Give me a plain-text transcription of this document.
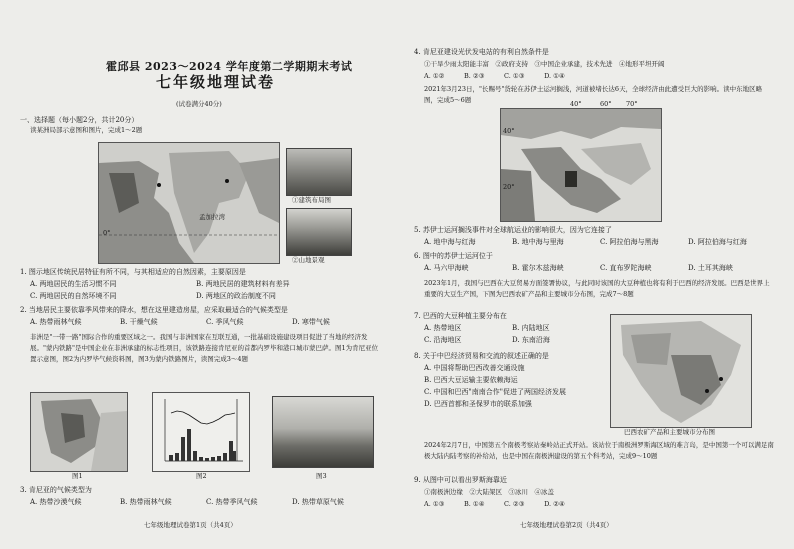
霍邱县 2023～2024 学年度第二学期期末考试
七年级地理试卷
(试卷满分40分)
一、选择题（每小题2分，共计20分）
读某洲局部示意图和图片，完成1～2题
0°
孟加拉湾
①建筑布局图
②山地景观
1. 图示地区传统民居特征有所不同，与其相适应的自然因素，主要原因是
A. 两地居民的生活习惯不同	B. 两地民居的建筑材料有差异
C. 两地居民的自然环境不同	D. 两地区的政治制度不同
2. 当地居民主要依靠季风带来的降水，想在这里建造房屋，应采取最适合的气候类型是
A. 热带雨林气候	B. 干燥气候	C. 季风气候	D. 寒带气候
非洲是"一带一路"国际合作的重要区域之一。我国与非洲国家在互联互通，一批基础设施建设项目促进了当地的经济发展。"蒙内铁路"是中国企业在非洲承建的标志性项目，该铁路连接肯尼亚的首都内罗毕和港口城市蒙巴萨。图1为肯尼亚位置示意图，图2为内罗毕气候资料图，图3为蒙内铁路图片，读图完成3～4题
图1	图2	图3
3. 肯尼亚的气候类型为
A. 热带沙漠气候	B. 热带雨林气候	C. 热带季风气候	D. 热带草原气候
七年级地理试卷第1页（共4页）
4. 肯尼亚建设光伏发电站的有利自然条件是
①干旱少雨太阳能丰富　②政府支持　③中国企业承建，技术先进　④地形平坦开阔
A. ①②　　　B. ②③　　　C. ①③　　　D. ①④
2021年3月23日，"长赐号"货轮在苏伊士运河搁浅，河道被堵长达6天，全球经济由此遭受巨大的影响。读中东地区略图，完成5～6题
40°
20°
40°	60° 70°
5. 苏伊士运河搁浅事件对全球航运业的影响很大，因为它连接了
A. 地中海与红海	B. 地中海与里海	C. 阿拉伯海与黑海	D. 阿拉伯海与红海
6. 图中的苏伊士运河位于
A. 马六甲海峡	B. 霍尔木兹海峡	C. 直布罗陀海峡	D. 土耳其海峡
2023年1月，我国与巴西在大豆贸易方面签署协议，与此同时该国的大豆种植也将有利于巴西的经济发展。巴西是世界上重要的大豆生产国，下图为巴西农矿产品和主要城市分布图，完成7～8题
7. 巴西的大豆种植主要分布在
A. 热带地区	B. 内陆地区
C. 沿海地区	D. 东南沿海
8. 关于中巴经济贸易和交流的叙述正确的是
A. 中国将帮助巴西改善交通设施
B. 巴西大豆运输主要依赖海运
C. 中国和巴西"南南合作"促进了两国经济发展
D. 巴西首都和圣保罗市的联系加强
巴西农矿产品和主要城市分布图
2024年2月7日，中国第五个南极考察站秦岭站正式开站。该站位于南极洲罗斯海区域的难言岛，是中国第一个可以满足南极大陆内陆考察的补给站，也是中国在南极洲建设的第五个科考站，完成9～10题
9. 从图中可以看出罗斯海靠近
①南极洲边缘　②大陆架区　③冰川　④冰盖
A. ①③　　　B. ①④　　　C. ②③　　　D. ②④
七年级地理试卷第2页（共4页）
